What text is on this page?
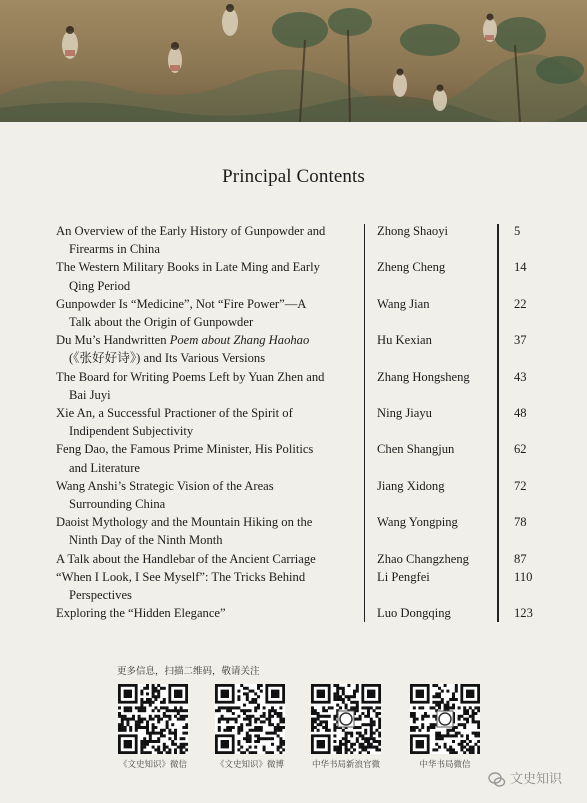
Principal Contents
An Overview of the Early History of Gunpowder and
Firearms in China
Zhong Shaoyi	5
The Western Military Books in Late Ming and Early
Qing Period
Zheng Cheng	14
Gunpowder Is “Medicine”, Not “Fire Power”—A
Talk about the Origin of Gunpowder
Wang Jian	22
Du Mu’s Handwritten Poem about Zhang Haohao
(《张好好诗》) and Its Various Versions
Hu Kexian	37
The Board for Writing Poems Left by Yuan Zhen and
Bai Juyi
Zhang Hongsheng	43
Xie An, a Successful Practioner of the Spirit of
Indipendent Subjectivity
Ning Jiayu	48
Feng Dao, the Famous Prime Minister, His Politics
and Literature
Chen Shangjun	62
Wang Anshi’s Strategic Vision of the Areas
Surrounding China
Jiang Xidong	72
Daoist Mythology and the Mountain Hiking on the
Ninth Day of the Ninth Month
Wang Yongping	78
A Talk about the Handlebar of the Ancient Carriage	Zhao Changzheng	87
“When I Look, I See Myself”: The Tricks Behind
Perspectives
Li Pengfei	110
Exploring the “Hidden Elegance”	Luo Dongqing	123
更多信息，扫描二维码，敬请关注
《文史知识》微信	《文史知识》微博	中华书局新浪官微	中华书局微信
文史知识
